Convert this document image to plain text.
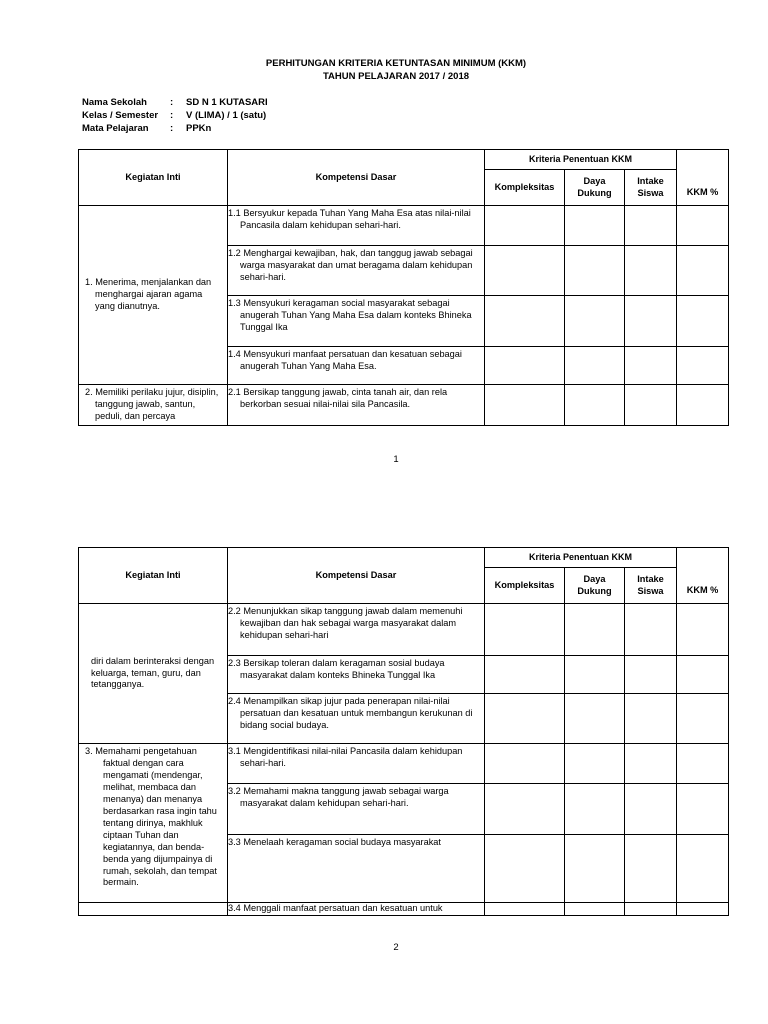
PERHITUNGAN KRITERIA KETUNTASAN MINIMUM (KKM)
TAHUN PELAJARAN 2017 / 2018
Nama Sekolah	:	SD N 1 KUTASARI
Kelas / Semester	:	V (LIMA) / 1 (satu)
Mata Pelajaran	:	PPKn
Kegiatan Inti	Kompetensi Dasar	Kriteria Penentuan KKM			KKM %
		Kompleksitas	Daya Dukung	Intake Siswa	

1. Menerima, menjalankan dan menghargai ajaran agama yang dianutnya.	1.1 Bersyukur kepada Tuhan Yang Maha Esa atas nilai-nilai Pancasila dalam kehidupan sehari-hari.				

	1.2 Menghargai kewajiban, hak, dan tanggug jawab sebagai warga masyarakat dan umat beragama dalam kehidupan sehari-hari.				

	1.3 Mensyukuri keragaman social masyarakat sebagai anugerah Tuhan Yang Maha Esa dalam konteks Bhineka Tunggal Ika				

	1.4 Mensyukuri manfaat persatuan dan kesatuan sebagai anugerah Tuhan Yang Maha Esa.				

2. Memiliki perilaku jujur, disiplin, tanggung jawab, santun, peduli, dan percaya	2.1 Bersikap tanggung jawab, cinta tanah air, dan rela berkorban sesuai nilai-nilai sila Pancasila.				

1
Kegiatan Inti	Kompetensi Dasar	Kriteria Penentuan KKM			KKM %
		Kompleksitas	Daya Dukung	Intake Siswa	
diri dalam berinteraksi dengan keluarga, teman, guru, dan tetangganya.	2.2 Menunjukkan sikap tanggung jawab dalam memenuhi kewajiban dan hak sebagai warga masyarakat dalam kehidupan sehari-hari				

	2.3 Bersikap toleran dalam keragaman sosial budaya masyarakat dalam konteks Bhineka Tunggal Ika				

	2.4 Menampilkan sikap jujur pada penerapan nilai-nilai persatuan dan kesatuan untuk membangun kerukunan di bidang social budaya.				

3. Memahami pengetahuan faktual dengan cara mengamati (mendengar, melihat, membaca dan menanya) dan menanya berdasarkan rasa ingin tahu tentang dirinya, makhluk ciptaan Tuhan dan kegiatannya, dan benda-benda yang dijumpainya di rumah, sekolah, dan tempat bermain.	3.1 Mengidentifikasi nilai-nilai Pancasila dalam kehidupan sehari-hari.				

	3.2 Memahami makna tanggung jawab sebagai warga masyarakat dalam kehidupan sehari-hari.				

	3.3 Menelaah keragaman social budaya masyarakat				

	3.4 Menggali manfaat persatuan dan kesatuan untuk				

2
